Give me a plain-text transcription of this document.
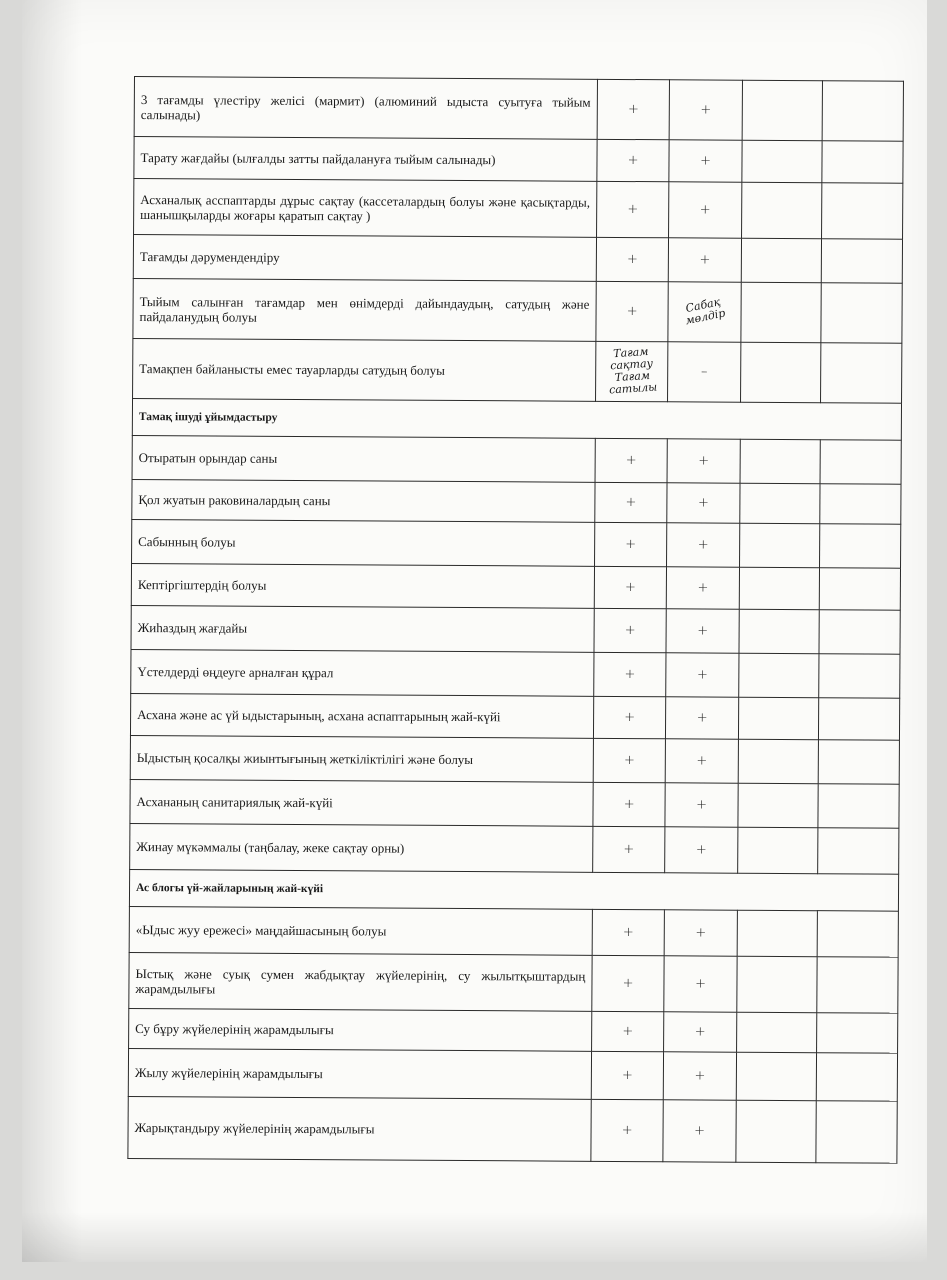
3 тағамды үлестіру желісі (мармит) (алюминий ыдыста суытуға тыйым салынады)	+	+		
Тарату жағдайы (ылғалды затты пайдалануға тыйым салынады)	+	+		
Асханалық асспаптарды дұрыс сақтау (кассеталардың болуы және қасықтарды, шанышқыларды жоғары қаратып сақтау )	+	+		
Тағамды дәрумендендіру	+	+		
Тыйым салынған тағамдар мен өнімдерді дайындаудың, сатудың және пайдаланудың болуы	+	Сабақ мөлдір		
Тамақпен байланысты емес тауарларды сатудың болуы	Тағам сақтау Тағам сатылы	–		
Тамақ ішуді ұйымдастыру				
Отыратын орындар саны	+	+		
Қол жуатын раковиналардың саны	+	+		
Сабынның болуы	+	+		
Кептіргіштердің болуы	+	+		
Жиһаздың жағдайы	+	+		
Үстелдерді өңдеуге арналған құрал	+	+		
Асхана және ас үй ыдыстарының, асхана аспаптарының жай-күйі	+	+		
Ыдыстың қосалқы жиынтығының жеткіліктілігі және болуы	+	+		
Асхананың санитариялық жай-күйі	+	+		
Жинау мүкәммалы (таңбалау, жеке сақтау орны)	+	+		
Ас блогы үй-жайларының жай-күйі				
«Ыдыс жуу ережесі» маңдайшасының болуы	+	+		
Ыстық және суық сумен жабдықтау жүйелерінің, су жылытқыштардың жарамдылығы	+	+		
Су бұру жүйелерінің жарамдылығы	+	+		
Жылу жүйелерінің жарамдылығы	+	+		
Жарықтандыру жүйелерінің жарамдылығы	+	+		
